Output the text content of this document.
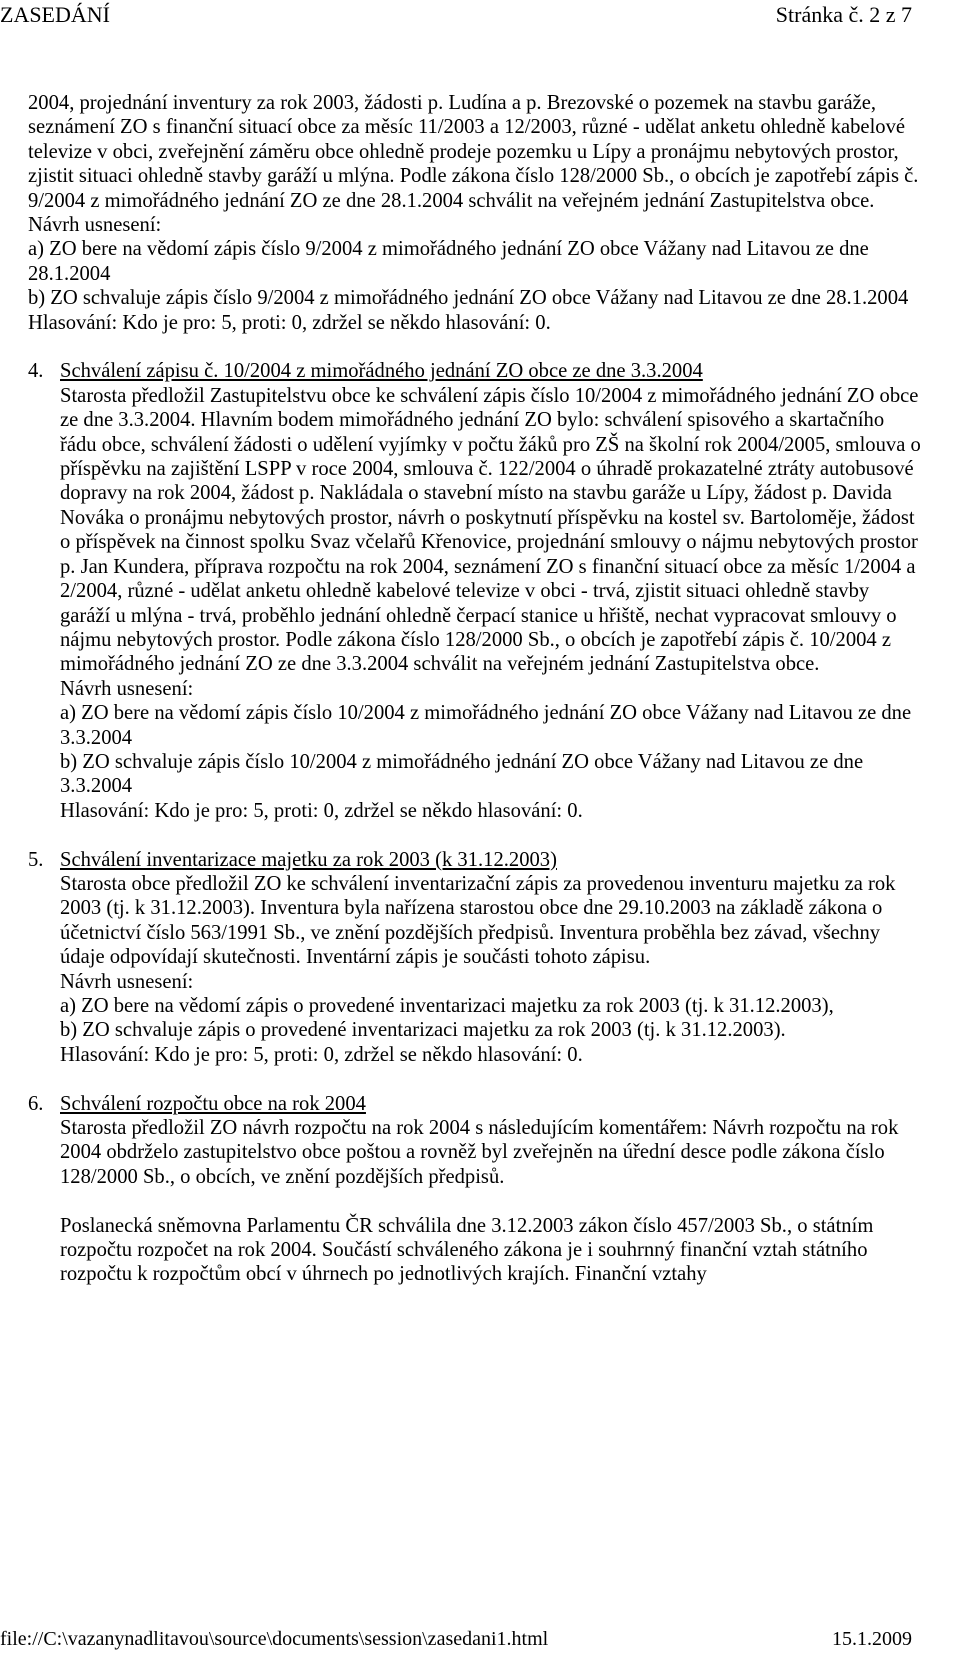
ZASEDÁNÍ	Stránka č. 2 z 7
2004, projednání inventury za rok 2003, žádosti p. Ludína a p. Brezovské o pozemek na stavbu garáže, seznámení ZO s finanční situací obce za měsíc 11/2003 a 12/2003, různé - udělat anketu ohledně kabelové televize v obci, zveřejnění záměru obce ohledně prodeje pozemku u Lípy a pronájmu nebytových prostor, zjistit situaci ohledně stavby garáží u mlýna. Podle zákona číslo 128/2000 Sb., o obcích je zapotřebí zápis č. 9/2004 z mimořádného jednání ZO ze dne 28.1.2004 schválit na veřejném jednání Zastupitelstva obce.
Návrh usnesení:
a) ZO bere na vědomí zápis číslo 9/2004 z mimořádného jednání ZO obce Vážany nad Litavou ze dne 28.1.2004
b) ZO schvaluje zápis číslo 9/2004 z mimořádného jednání ZO obce Vážany nad Litavou ze dne 28.1.2004
Hlasování: Kdo je pro: 5, proti: 0, zdržel se někdo hlasování: 0.
4. Schválení zápisu č. 10/2004 z mimořádného jednání ZO obce ze dne 3.3.2004
Starosta předložil Zastupitelstvu obce ke schválení zápis číslo 10/2004 z mimořádného jednání ZO obce ze dne 3.3.2004. Hlavním bodem mimořádného jednání ZO bylo: schválení spisového a skartačního řádu obce, schválení žádosti o udělení vyjímky v počtu žáků pro ZŠ na školní rok 2004/2005, smlouva o příspěvku na zajištění LSPP v roce 2004, smlouva č. 122/2004 o úhradě prokazatelné ztráty autobusové dopravy na rok 2004, žádost p. Nakládala o stavební místo na stavbu garáže u Lípy, žádost p. Davida Nováka o pronájmu nebytových prostor, návrh o poskytnutí příspěvku na kostel sv. Bartoloměje, žádost o příspěvek na činnost spolku Svaz včelařů Křenovice, projednání smlouvy o nájmu nebytových prostor p. Jan Kundera, příprava rozpočtu na rok 2004, seznámení ZO s finanční situací obce za měsíc 1/2004 a 2/2004, různé - udělat anketu ohledně kabelové televize v obci - trvá, zjistit situaci ohledně stavby garáží u mlýna - trvá, proběhlo jednání ohledně čerpací stanice u hřiště, nechat vypracovat smlouvy o nájmu nebytových prostor. Podle zákona číslo 128/2000 Sb., o obcích je zapotřebí zápis č. 10/2004 z mimořádného jednání ZO ze dne 3.3.2004 schválit na veřejném jednání Zastupitelstva obce.
Návrh usnesení:
a) ZO bere na vědomí zápis číslo 10/2004 z mimořádného jednání ZO obce Vážany nad Litavou ze dne 3.3.2004
b) ZO schvaluje zápis číslo 10/2004 z mimořádného jednání ZO obce Vážany nad Litavou ze dne 3.3.2004
Hlasování: Kdo je pro: 5, proti: 0, zdržel se někdo hlasování: 0.
5. Schválení inventarizace majetku za rok 2003 (k 31.12.2003)
Starosta obce předložil ZO ke schválení inventarizační zápis za provedenou inventuru majetku za rok 2003 (tj. k 31.12.2003). Inventura byla nařízena starostou obce dne 29.10.2003 na základě zákona o účetnictví číslo 563/1991 Sb., ve znění pozdějších předpisů. Inventura proběhla bez závad, všechny údaje odpovídají skutečnosti. Inventární zápis je součásti tohoto zápisu.
Návrh usnesení:
a) ZO bere na vědomí zápis o provedené inventarizaci majetku za rok 2003 (tj. k 31.12.2003),
b) ZO schvaluje zápis o provedené inventarizaci majetku za rok 2003 (tj. k 31.12.2003).
Hlasování: Kdo je pro: 5, proti: 0, zdržel se někdo hlasování: 0.
6. Schválení rozpočtu obce na rok 2004
Starosta předložil ZO návrh rozpočtu na rok 2004 s následujícím komentářem: Návrh rozpočtu na rok 2004 obdrželo zastupitelstvo obce poštou a rovněž byl zveřejněn na úřední desce podle zákona číslo 128/2000 Sb., o obcích, ve znění pozdějších předpisů.
Poslanecká sněmovna Parlamentu ČR schválila dne 3.12.2003 zákon číslo 457/2003 Sb., o státním rozpočtu rozpočet na rok 2004. Součástí schváleného zákona je i souhrnný finanční vztah státního rozpočtu k rozpočtům obcí v úhrnech po jednotlivých krajích. Finanční vztahy
file://C:\vazanynadlitavou\source\documents\session\zasedani1.html	15.1.2009
